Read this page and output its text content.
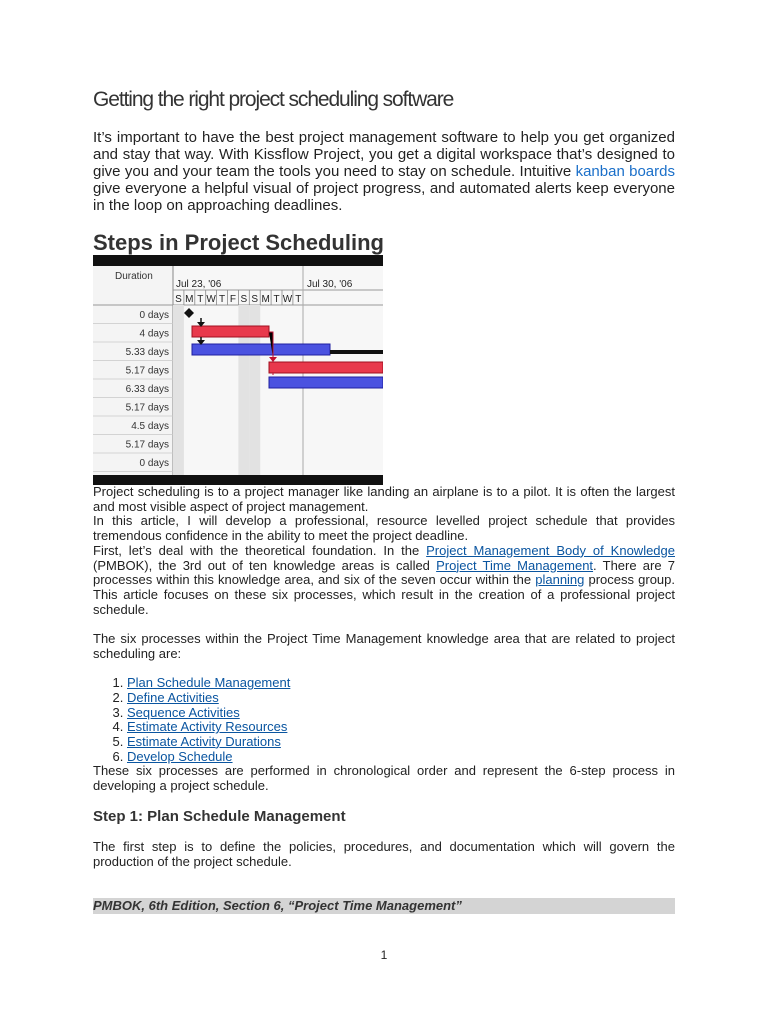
Getting the right project scheduling software
It’s important to have the best project management software to help you get organized and stay that way. With Kissflow Project, you get a digital workspace that’s designed to give you and your team the tools you need to stay on schedule. Intuitive kanban boards give everyone a helpful visual of project progress, and automated alerts keep everyone in the loop on approaching deadlines.
Steps in Project Scheduling
Duration
Jul 23, '06	Jul 30, '06
S M T W T F S S M T W T
0 days
4 days
5.33 days
5.17 days
6.33 days
5.17 days
4.5 days
5.17 days
0 days

Project scheduling is to a project manager like landing an airplane is to a pilot. It is often the largest and most visible aspect of project management.

In this article, I will develop a professional, resource levelled project schedule that provides tremendous confidence in the ability to meet the project deadline.

First, let’s deal with the theoretical foundation. In the Project Management Body of Knowledge (PMBOK), the 3rd out of ten knowledge areas is called Project Time Management. There are 7 processes within this knowledge area, and six of the seven occur within the planning process group. This article focuses on these six processes, which result in the creation of a professional project schedule.

The six processes within the Project Time Management knowledge area that are related to project scheduling are:

1. Plan Schedule Management
2. Define Activities
3. Sequence Activities
4. Estimate Activity Resources
5. Estimate Activity Durations
6. Develop Schedule

These six processes are performed in chronological order and represent the 6-step process in developing a project schedule.

Step 1: Plan Schedule Management
The first step is to define the policies, procedures, and documentation which will govern the production of the project schedule.
PMBOK, 6th Edition, Section 6, “Project Time Management”
1
